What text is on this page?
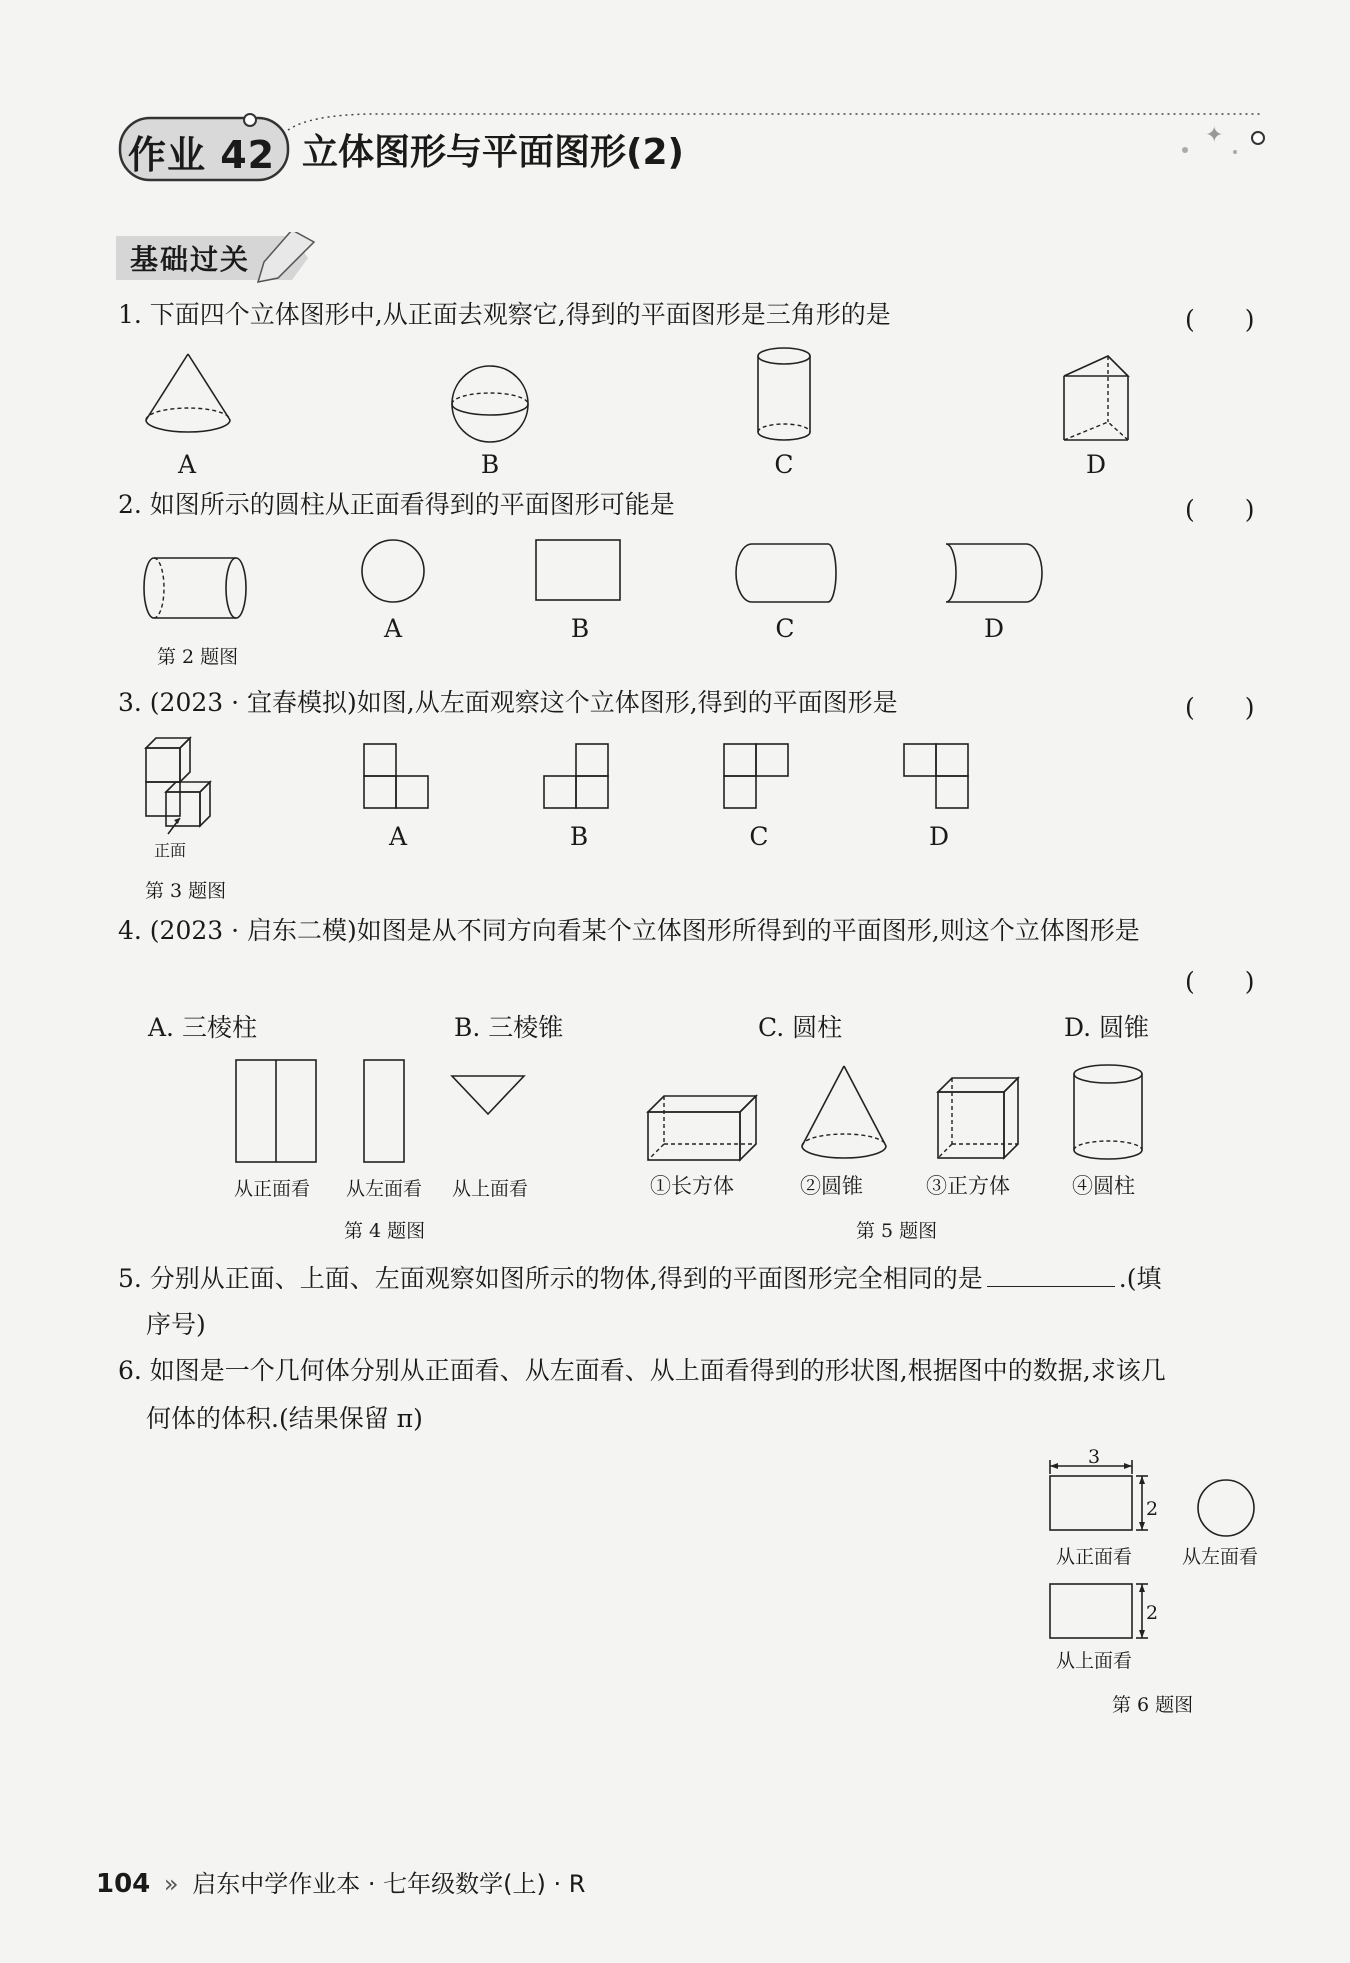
✦
作业 42 立体图形与平面图形(2)
基础过关
1. 下面四个立体图形中,从正面去观察它,得到的平面图形是三角形的是	(　　)
A	B	C	D
2. 如图所示的圆柱从正面看得到的平面图形可能是	(　　)
第 2 题图
A	B	C	D
3. (2023 · 宜春模拟)如图,从左面观察这个立体图形,得到的平面图形是	(　　)
正面
第 3 题图
A	B	C	D
4. (2023 · 启东二模)如图是从不同方向看某个立体图形所得到的平面图形,则这个立体图形是
(　　)
A. 三棱柱	B. 三棱锥	C. 圆柱	D. 圆锥
从正面看 从左面看 从上面看
第 4 题图
①长方体	②圆锥	③正方体	④圆柱
第 5 题图
5. 分别从正面、上面、左面观察如图所示的物体,得到的平面图形完全相同的是	.(填
序号)
6. 如图是一个几何体分别从正面看、从左面看、从上面看得到的形状图,根据图中的数据,求该几
何体的体积.(结果保留 π)
3
2
从正面看	从左面看
2
从上面看
第 6 题图
104 » 启东中学作业本 · 七年级数学(上) · R
